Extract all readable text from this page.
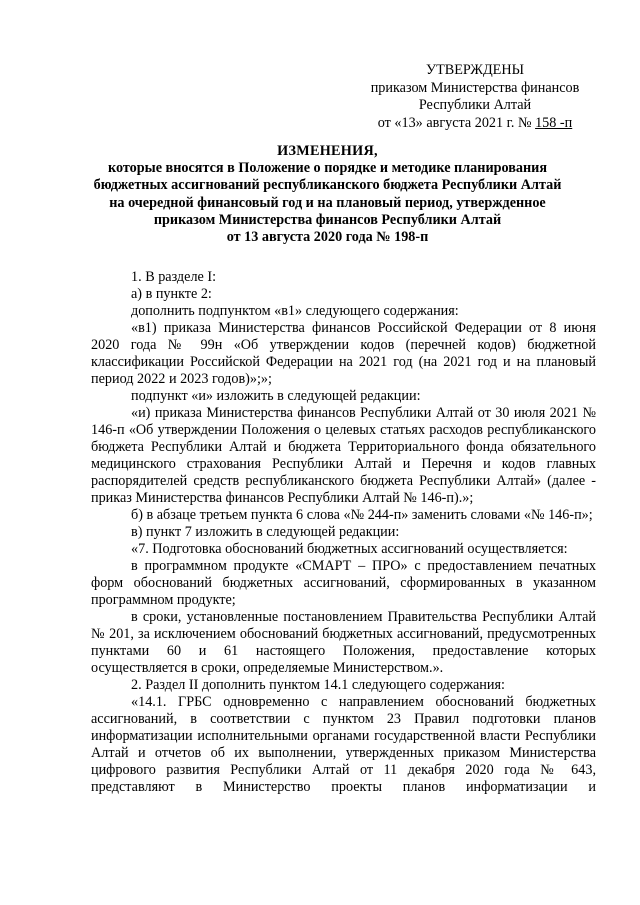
УТВЕРЖДЕНЫ
приказом Министерства финансов
Республики Алтай
от «13» августа 2021 г. № 158 -п
ИЗМЕНЕНИЯ,
которые вносятся в Положение о порядке и методике планирования
бюджетных ассигнований республиканского бюджета Республики Алтай
на очередной финансовый год и на плановый период, утвержденное
приказом Министерства финансов Республики Алтай
от 13 августа 2020 года № 198-п

1. В разделе I:

а) в пункте 2:

дополнить подпунктом «в1» следующего содержания:

«в1) приказа Министерства финансов Российской Федерации от 8 июня 2020 года № 99н «Об утверждении кодов (перечней кодов) бюджетной классификации Российской Федерации на 2021 год (на 2021 год и на плановый период 2022 и 2023 годов)»;»;

подпункт «и» изложить в следующей редакции:

«и) приказа Министерства финансов Республики Алтай от 30 июля 2021 № 146-п «Об утверждении Положения о целевых статьях расходов республиканского бюджета Республики Алтай и бюджета Территориального фонда обязательного медицинского страхования Республики Алтай и Перечня и кодов главных распорядителей средств республиканского бюджета Республики Алтай» (далее - приказ Министерства финансов Республики Алтай № 146-п).»;

б) в абзаце третьем пункта 6 слова «№ 244-п» заменить словами «№ 146-п»;

в) пункт 7 изложить в следующей редакции:

«7. Подготовка обоснований бюджетных ассигнований осуществляется:

в программном продукте «СМАРТ – ПРО» с предоставлением печатных форм обоснований бюджетных ассигнований, сформированных в указанном программном продукте;

в сроки, установленные постановлением Правительства Республики Алтай № 201, за исключением обоснований бюджетных ассигнований, предусмотренных пунктами 60 и 61 настоящего Положения, предоставление которых осуществляется в сроки, определяемые Министерством.».

2. Раздел II дополнить пунктом 14.1 следующего содержания:

«14.1. ГРБС одновременно с направлением обоснований бюджетных ассигнований, в соответствии с пунктом 23 Правил подготовки планов информатизации исполнительными органами государственной власти Республики Алтай и отчетов об их выполнении, утвержденных приказом Министерства цифрового развития Республики Алтай от 11 декабря 2020 года № 643, представляют в Министерство проекты планов информатизации и
